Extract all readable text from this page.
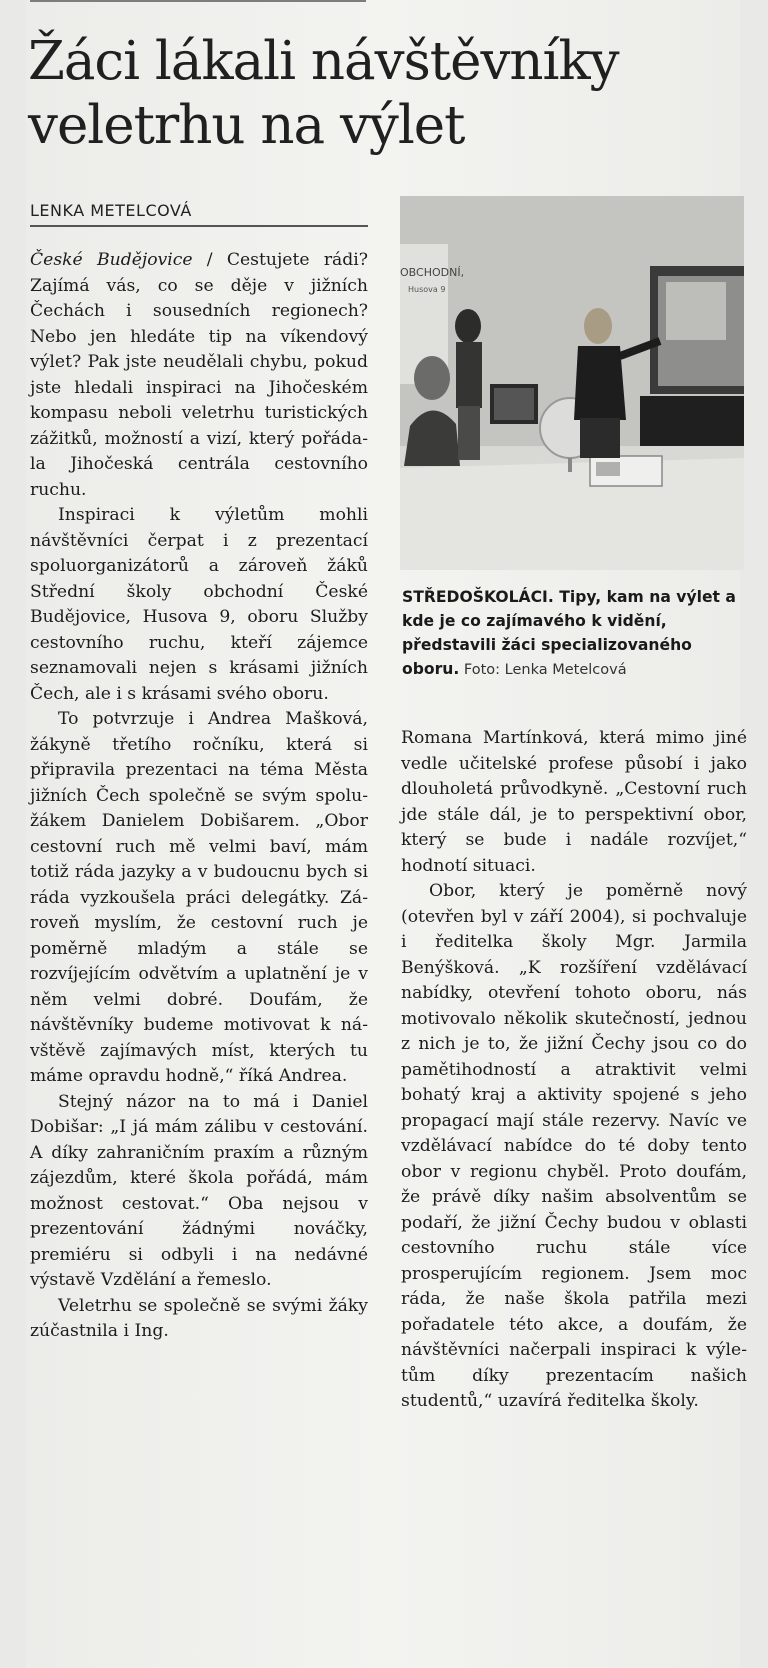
Žáci lákali návštěvníky veletrhu na výlet
LENKA METELCOVÁ

České Budějovice / Cestujete rádi? Zajímá vás, co se děje v jižních Čechách i sousedních regionech? Nebo jen hledáte tip na víkendový výlet? Pak jste neudělali chybu, pokud jste hledali inspiraci na Jihočeském kompasu neboli veletrhu turistických zážitků, možností a vizí, který pořádala Jihočeská centrála cestovního ruchu.

Inspiraci k výletům mohli návštěvníci čerpat i z prezentací spoluorganizátorů a zároveň žáků Střední školy obchodní České Budějovice, Husova 9, oboru Služby cestovního ruchu, kteří zájemce seznamovali nejen s krásami jižních Čech, ale i s krásami svého oboru.

To potvrzuje i Andrea Mašková, žákyně třetího ročníku, která si připravila prezentaci na téma Města jižních Čech společně se svým spolužákem Danielem Dobišarem. „Obor cestovní ruch mě velmi baví, mám totiž ráda jazyky a v budoucnu bych si ráda vyzkoušela práci delegátky. Zároveň myslím, že cestovní ruch je poměrně mladým a stále se rozvíjejícím odvětvím a uplatnění je v něm velmi dobré. Doufám, že návštěvníky budeme motivovat k návštěvě zajímavých míst, kterých tu máme opravdu hodně,“ říká Andrea.

Stejný názor na to má i Daniel Dobišar: „I já mám zálibu v cestování. A díky zahraničním praxím a různým zájezdům, které škola pořádá, mám možnost cestovat.“ Oba nejsou v prezentování žádnými nováčky, premiéru si odbyli i na nedávné výstavě Vzdělání a řemeslo.

Veletrhu se společně se svými žáky zúčastnila i Ing.

OBCHODNÍ,
Husova 9

STŘEDOŠKOLÁCI. Tipy, kam na výlet a kde je co zajímavého k vidění, představili žáci specializovaného oboru. Foto: Lenka Metelcová

Romana Martínková, která mimo jiné vedle učitelské profese působí i jako dlouholetá průvodkyně. „Cestovní ruch jde stále dál, je to perspektivní obor, který se bude i nadále rozvíjet,“ hodnotí situaci.

Obor, který je poměrně nový (otevřen byl v září 2004), si pochvaluje i ředitelka školy Mgr. Jarmila Benýšková. „K rozšíření vzdělávací nabídky, otevření tohoto oboru, nás motivovalo několik skutečností, jednou z nich je to, že jižní Čechy jsou co do pamětihodností a atraktivit velmi bohatý kraj a aktivity spojené s jeho propagací mají stále rezervy. Navíc ve vzdělávací nabídce do té doby tento obor v regionu chyběl. Proto doufám, že právě díky našim absolventům se podaří, že jižní Čechy budou v oblasti cestovního ruchu stále více prosperujícím regionem. Jsem moc ráda, že naše škola patřila mezi pořadatele této akce, a doufám, že návštěvníci načerpali inspiraci k výletům díky prezentacím našich studentů,“ uzavírá ředitelka školy.
